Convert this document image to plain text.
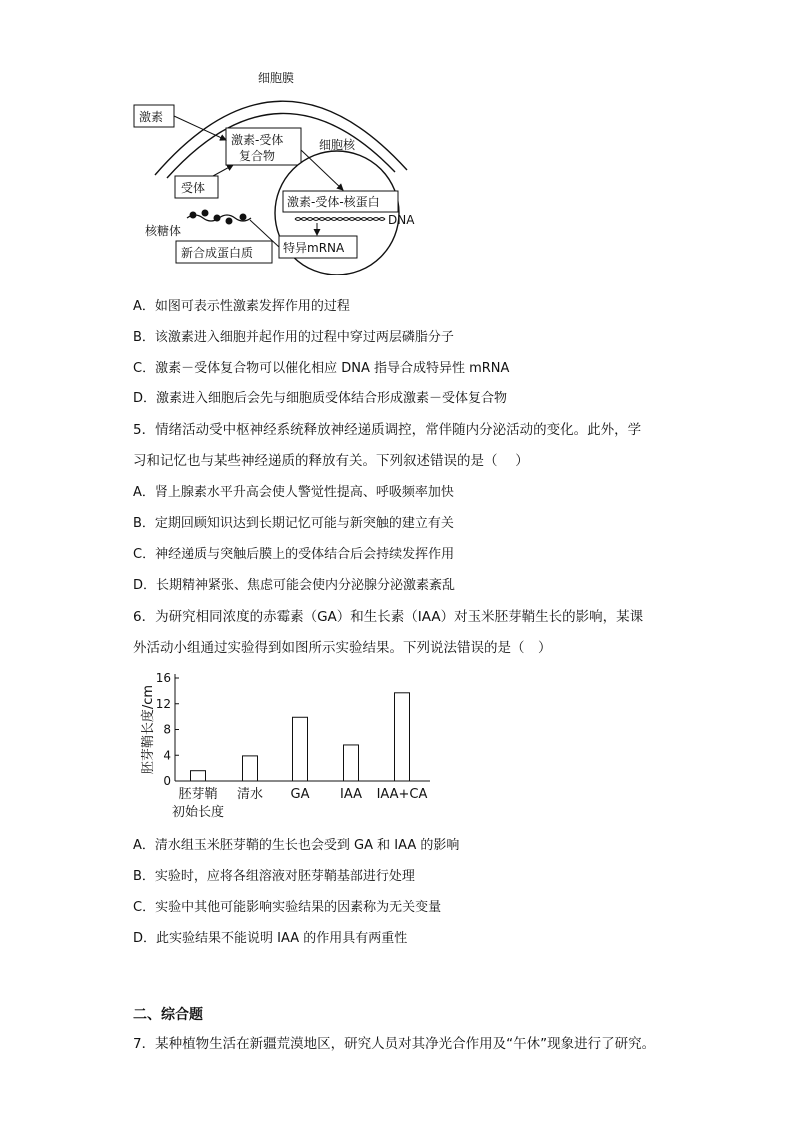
细胞膜
激素
激素-受体
复合物
细胞核
受体
激素-受体-核蛋白
DNA
特异mRNA
核糖体
新合成蛋白质
A．如图可表示性激素发挥作用的过程
B．该激素进入细胞并起作用的过程中穿过两层磷脂分子
C．激素－受体复合物可以催化相应 DNA 指导合成特异性 mRNA
D．激素进入细胞后会先与细胞质受体结合形成激素－受体复合物
5．情绪活动受中枢神经系统释放神经递质调控，常伴随内分泌活动的变化。此外，学
习和记忆也与某些神经递质的释放有关。下列叙述错误的是（　 ）
A．肾上腺素水平升高会使人警觉性提高、呼吸频率加快
B．定期回顾知识达到长期记忆可能与新突触的建立有关
C．神经递质与突触后膜上的受体结合后会持续发挥作用
D．长期精神紧张、焦虑可能会使内分泌腺分泌激素紊乱
6．为研究相同浓度的赤霉素（GA）和生长素（IAA）对玉米胚芽鞘生长的影响，某课
外活动小组通过实验得到如图所示实验结果。下列说法错误的是（　）
胚芽鞘长度/cm
0
4
8
12
16
胚芽鞘
初始长度
清水 GA IAA IAA+CA
A．清水组玉米胚芽鞘的生长也会受到 GA 和 IAA 的影响
B．实验时，应将各组溶液对胚芽鞘基部进行处理
C．实验中其他可能影响实验结果的因素称为无关变量
D．此实验结果不能说明 IAA 的作用具有两重性
二、综合题
7．某种植物生活在新疆荒漠地区，研究人员对其净光合作用及“午休”现象进行了研究。
